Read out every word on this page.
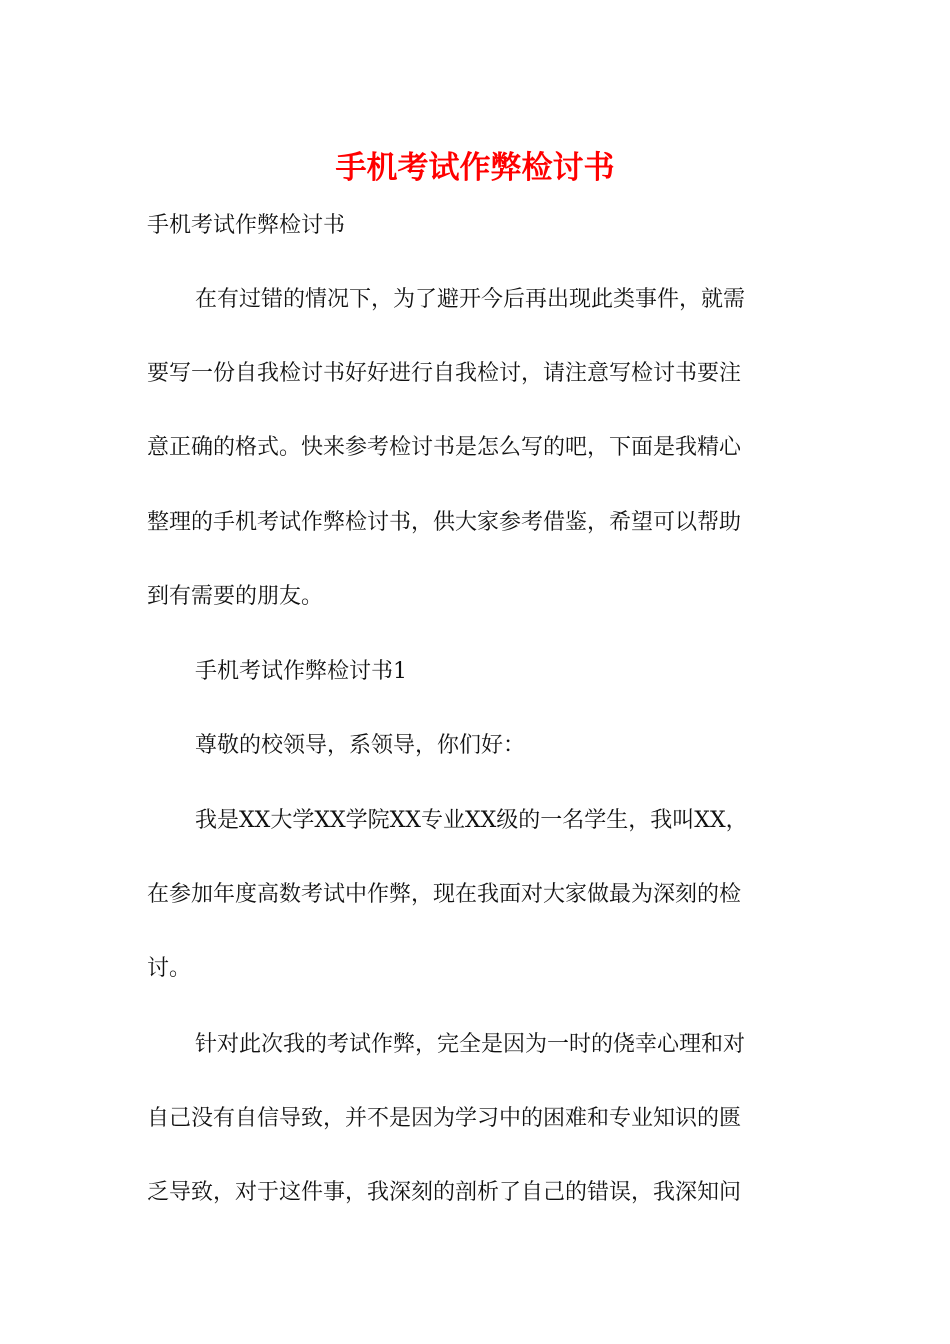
手机考试作弊检讨书
手机考试作弊检讨书
在有过错的情况下，为了避开今后再出现此类事件，就需
要写一份自我检讨书好好进行自我检讨，请注意写检讨书要注
意正确的格式。快来参考检讨书是怎么写的吧，下面是我精心
整理的手机考试作弊检讨书，供大家参考借鉴，希望可以帮助
到有需要的朋友。
手机考试作弊检讨书1
尊敬的校领导，系领导，你们好：
我是XX大学XX学院XX专业XX级的一名学生，我叫XX，
在参加年度高数考试中作弊，现在我面对大家做最为深刻的检
讨。
针对此次我的考试作弊，完全是因为一时的侥幸心理和对
自己没有自信导致，并不是因为学习中的困难和专业知识的匮
乏导致，对于这件事，我深刻的剖析了自己的错误，我深知问
